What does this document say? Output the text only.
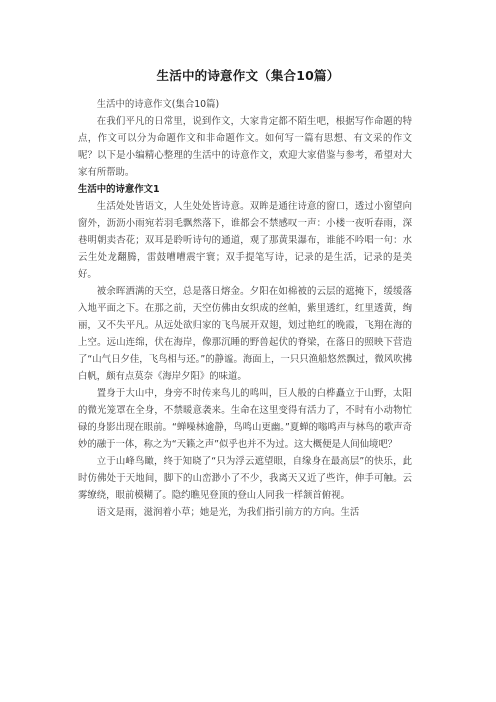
生活中的诗意作文（集合10篇）

生活中的诗意作文(集合10篇)

在我们平凡的日常里，说到作文，大家肯定都不陌生吧，根据写作命题的特点，作文可以分为命题作文和非命题作文。如何写一篇有思想、有文采的作文呢？以下是小编精心整理的生活中的诗意作文，欢迎大家借鉴与参考，希望对大家有所帮助。

生活中的诗意作文1

生活处处皆语文，人生处处皆诗意。双眸是通往诗意的窗口，透过小窗望向窗外，沥沥小雨宛若羽毛飘然落下，谁都会不禁感叹一声：小楼一夜听春雨，深巷明朝卖杏花；双耳是聆听诗句的通道，观了那黄果瀑布，谁能不吟唱一句：水云生处龙翻腾，雷鼓嘈嘈震宇寰；双手提笔写诗，记录的是生活，记录的是美好。

被余晖洒满的天空，总是落日熔金。夕阳在如棉被的云层的遮掩下，缓缓落入地平面之下。在那之前，天空仿佛由女织成的丝帕，紫里透红，红里透黄，绚丽，又不失平凡。从远处欲归家的飞鸟展开双翅，划过艳红的晚霞，飞翔在海的上空。远山连绵，伏在海岸，像那沉睡的野兽起伏的脊梁，在落日的照映下营造了“山气日夕佳，飞鸟相与还。”的静谧。海面上，一只只渔船悠然飘过，微风吹拂白帆，颇有点莫奈《海岸夕阳》的味道。

置身于大山中，身旁不时传来鸟儿的鸣叫，巨人般的白桦矗立于山野，太阳的微光笼罩在全身，不禁暖意袭来。生命在这里变得有活力了，不时有小动物忙碌的身影出现在眼前。“蝉噪林逾静，鸟鸣山更幽。”夏蝉的嗡鸣声与林鸟的歌声奇妙的融于一体，称之为“天籁之声”似乎也并不为过。这大概便是人间仙境吧？

立于山峰鸟瞰，终于知晓了“只为浮云遮望眼，自缘身在最高层”的快乐，此时仿佛处于天地间，脚下的山峦渺小了不少，我离天又近了些许，伸手可触。云雾缭绕，眼前模糊了。隐约瞧见登顶的登山人同我一样颔首俯视。

语文是雨，滋润着小草；她是光，为我们指引前方的方向。生活
